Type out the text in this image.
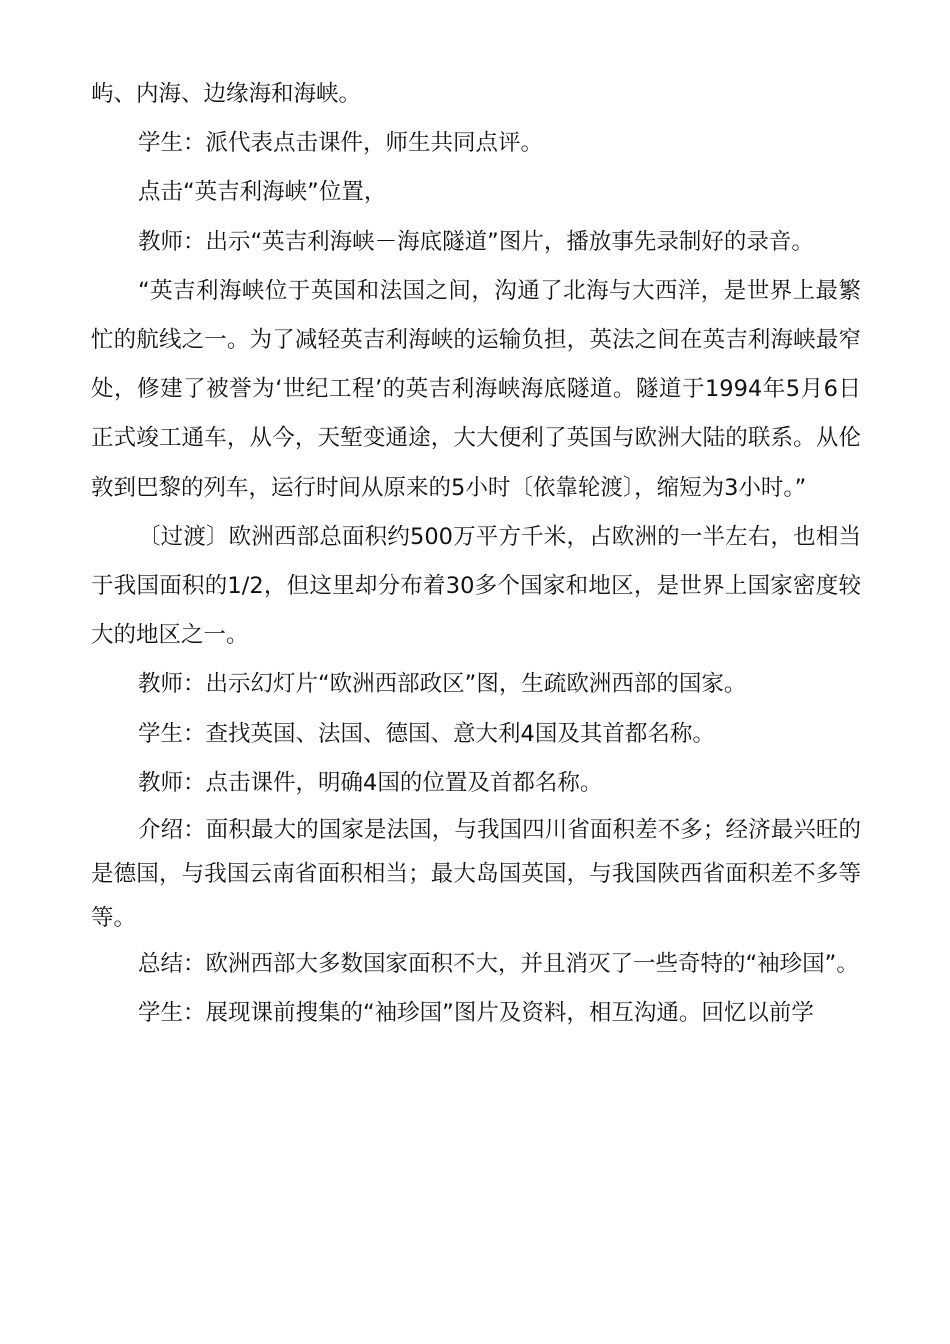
屿、内海、边缘海和海峡。

学生：派代表点击课件，师生共同点评。

点击“英吉利海峡”位置，

教师：出示“英吉利海峡－海底隧道”图片，播放事先录制好的录音。

“英吉利海峡位于英国和法国之间，沟通了北海与大西洋，是世界上最繁忙的航线之一。为了减轻英吉利海峡的运输负担，英法之间在英吉利海峡最窄处，修建了被誉为‘世纪工程’的英吉利海峡海底隧道。隧道于1994年5月6日正式竣工通车，从今，天堑变通途，大大便利了英国与欧洲大陆的联系。从伦敦到巴黎的列车，运行时间从原来的5小时〔依靠轮渡〕，缩短为3小时。”

〔过渡〕欧洲西部总面积约500万平方千米，占欧洲的一半左右，也相当于我国面积的1/2，但这里却分布着30多个国家和地区，是世界上国家密度较大的地区之一。

教师：出示幻灯片“欧洲西部政区”图，生疏欧洲西部的国家。

学生：查找英国、法国、德国、意大利4国及其首都名称。

教师：点击课件，明确4国的位置及首都名称。

介绍：面积最大的国家是法国，与我国四川省面积差不多；经济最兴旺的是德国，与我国云南省面积相当；最大岛国英国，与我国陕西省面积差不多等等。

总结：欧洲西部大多数国家面积不大，并且消灭了一些奇特的“袖珍国”。

学生：展现课前搜集的“袖珍国”图片及资料，相互沟通。回忆以前学
